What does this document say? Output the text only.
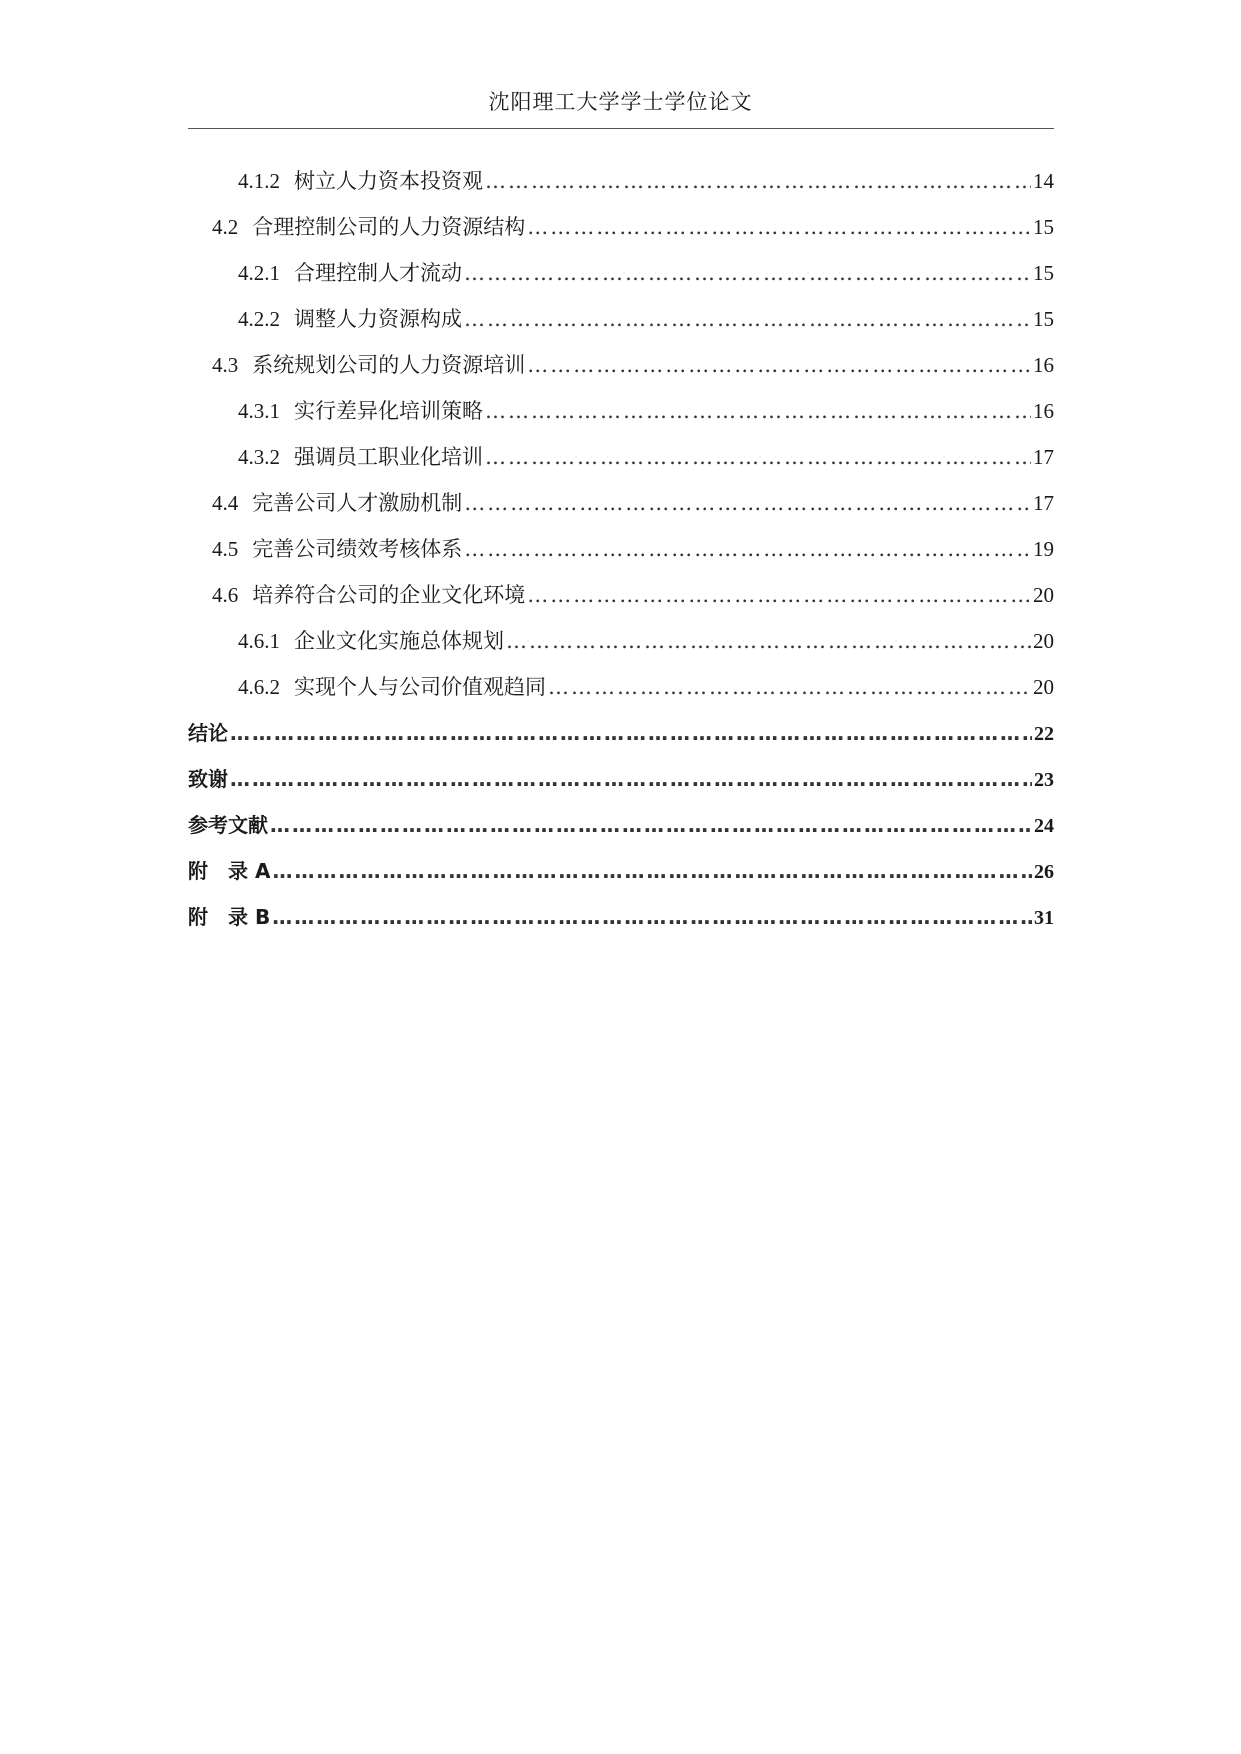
沈阳理工大学学士学位论文
4.1.2 树立人力资本投资观 …………………………………………………………………………………………………………………………………………………………………………	14
4.2 合理控制公司的人力资源结构 …………………………………………………………………………………………………………………………………………………………………………	15
4.2.1 合理控制人才流动 …………………………………………………………………………………………………………………………………………………………………………	15
4.2.2 调整人力资源构成 …………………………………………………………………………………………………………………………………………………………………………	15
4.3 系统规划公司的人力资源培训 …………………………………………………………………………………………………………………………………………………………………………	16
4.3.1 实行差异化培训策略 …………………………………………………………………………………………………………………………………………………………………………	16
4.3.2 强调员工职业化培训 …………………………………………………………………………………………………………………………………………………………………………	17
4.4 完善公司人才激励机制 …………………………………………………………………………………………………………………………………………………………………………	17
4.5 完善公司绩效考核体系 …………………………………………………………………………………………………………………………………………………………………………	19
4.6 培养符合公司的企业文化环境 …………………………………………………………………………………………………………………………………………………………………………	20
4.6.1 企业文化实施总体规划 …………………………………………………………………………………………………………………………………………………………………………	20
4.6.2 实现个人与公司价值观趋同 …………………………………………………………………………………………………………………………………………………………………………	20
结论 …………………………………………………………………………………………………………………………………………………………………………	22
致谢 …………………………………………………………………………………………………………………………………………………………………………	23
参考文献 …………………………………………………………………………………………………………………………………………………………………………	24
附　录 A …………………………………………………………………………………………………………………………………………………………………………	26
附　录 B …………………………………………………………………………………………………………………………………………………………………………	31
